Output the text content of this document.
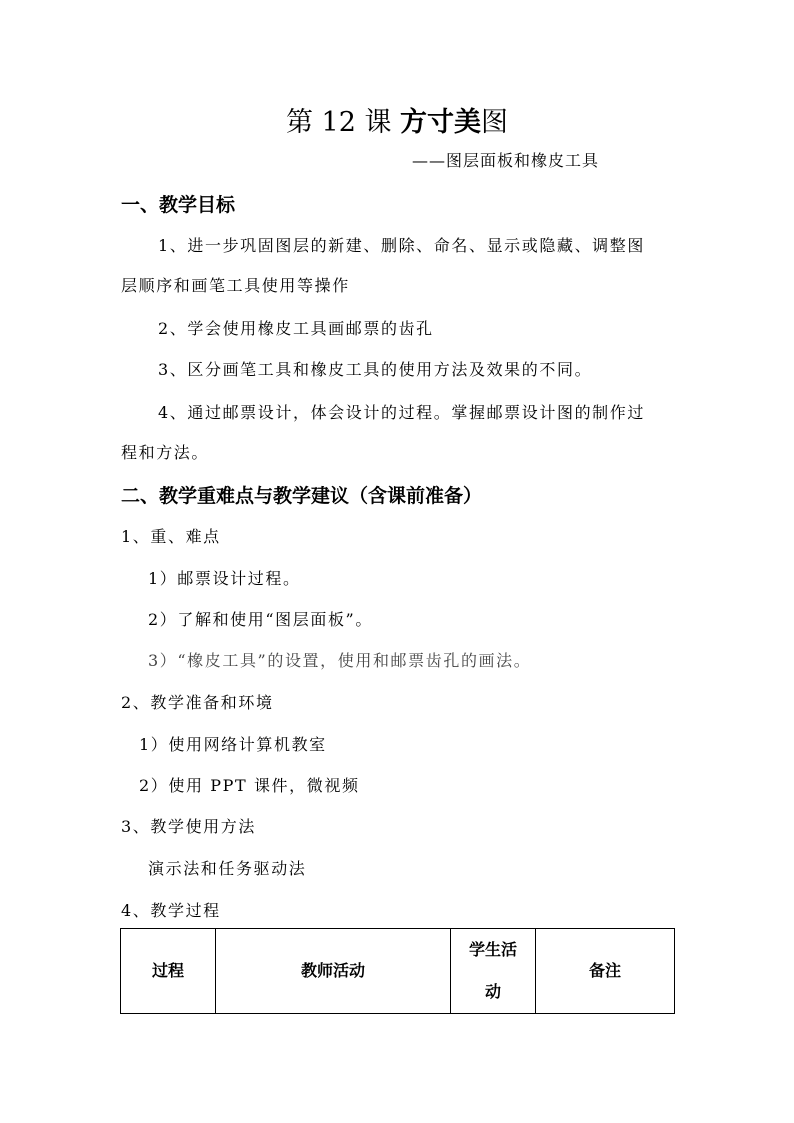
第 12 课 方寸美图
——图层面板和橡皮工具
一、教学目标
1、进一步巩固图层的新建、删除、命名、显示或隐藏、调整图
层顺序和画笔工具使用等操作
2、学会使用橡皮工具画邮票的齿孔
3、区分画笔工具和橡皮工具的使用方法及效果的不同。
4、通过邮票设计，体会设计的过程。掌握邮票设计图的制作过
程和方法。
二、教学重难点与教学建议（含课前准备）
1、重、难点
1）邮票设计过程。
2）了解和使用“图层面板”。
3）“橡皮工具”的设置，使用和邮票齿孔的画法。
2、教学准备和环境
1）使用网络计算机教室
2）使用 PPT 课件，微视频
3、教学使用方法
演示法和任务驱动法
4、教学过程
过程	教师活动	学生活动	备注
